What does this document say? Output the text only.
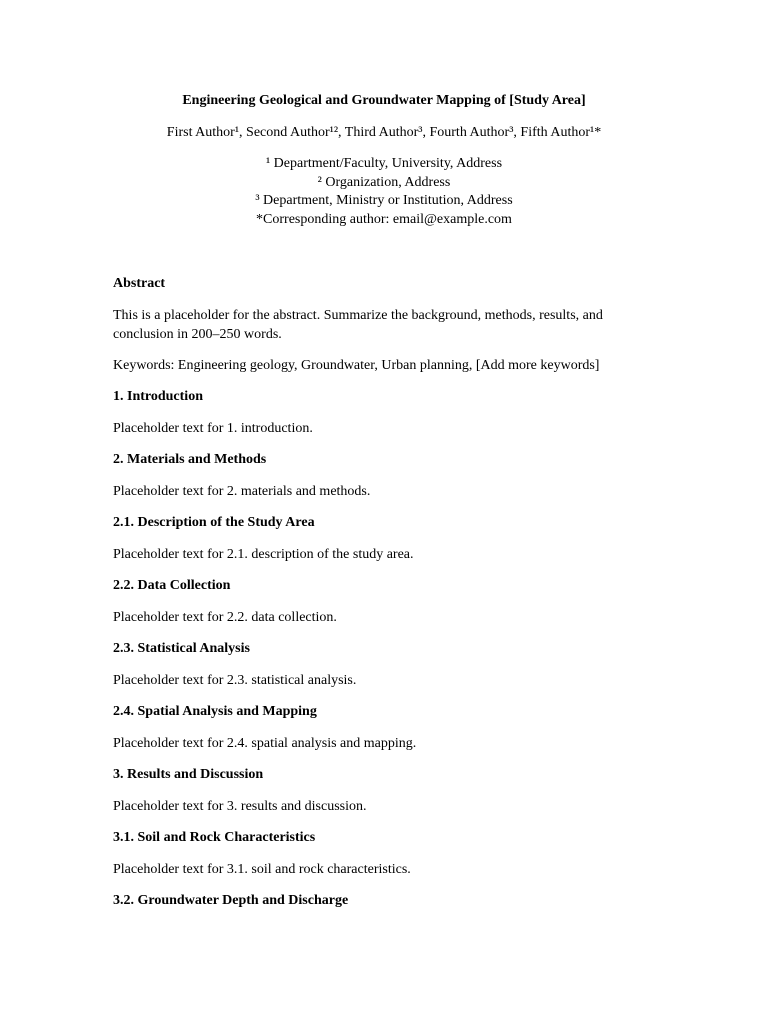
Engineering Geological and Groundwater Mapping of [Study Area]
First Author¹, Second Author¹², Third Author³, Fourth Author³, Fifth Author¹*
¹ Department/Faculty, University, Address
² Organization, Address
³ Department, Ministry or Institution, Address
*Corresponding author: email@example.com
Abstract
This is a placeholder for the abstract. Summarize the background, methods, results, and conclusion in 200–250 words.
Keywords: Engineering geology, Groundwater, Urban planning, [Add more keywords]
1. Introduction
Placeholder text for 1. introduction.
2. Materials and Methods
Placeholder text for 2. materials and methods.
2.1. Description of the Study Area
Placeholder text for 2.1. description of the study area.
2.2. Data Collection
Placeholder text for 2.2. data collection.
2.3. Statistical Analysis
Placeholder text for 2.3. statistical analysis.
2.4. Spatial Analysis and Mapping
Placeholder text for 2.4. spatial analysis and mapping.
3. Results and Discussion
Placeholder text for 3. results and discussion.
3.1. Soil and Rock Characteristics
Placeholder text for 3.1. soil and rock characteristics.
3.2. Groundwater Depth and Discharge
